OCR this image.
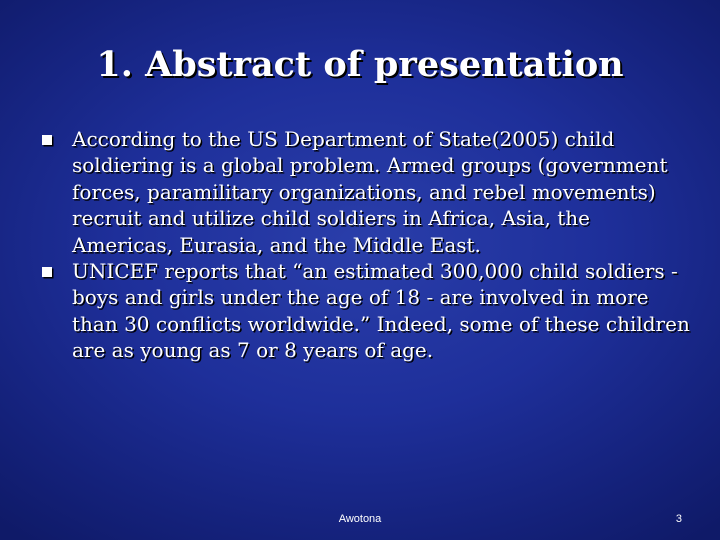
1. Abstract of presentation
According to the US Department of State(2005) child soldiering is a global problem. Armed groups (government forces, paramilitary organizations, and rebel movements) recruit and utilize child soldiers in Africa, Asia, the Americas, Eurasia, and the Middle East.
UNICEF reports that “an estimated 300,000 child soldiers - boys and girls under the age of 18 - are involved in more than 30 conflicts worldwide.” Indeed, some of these children are as young as 7 or 8 years of age.
Awotona	3
